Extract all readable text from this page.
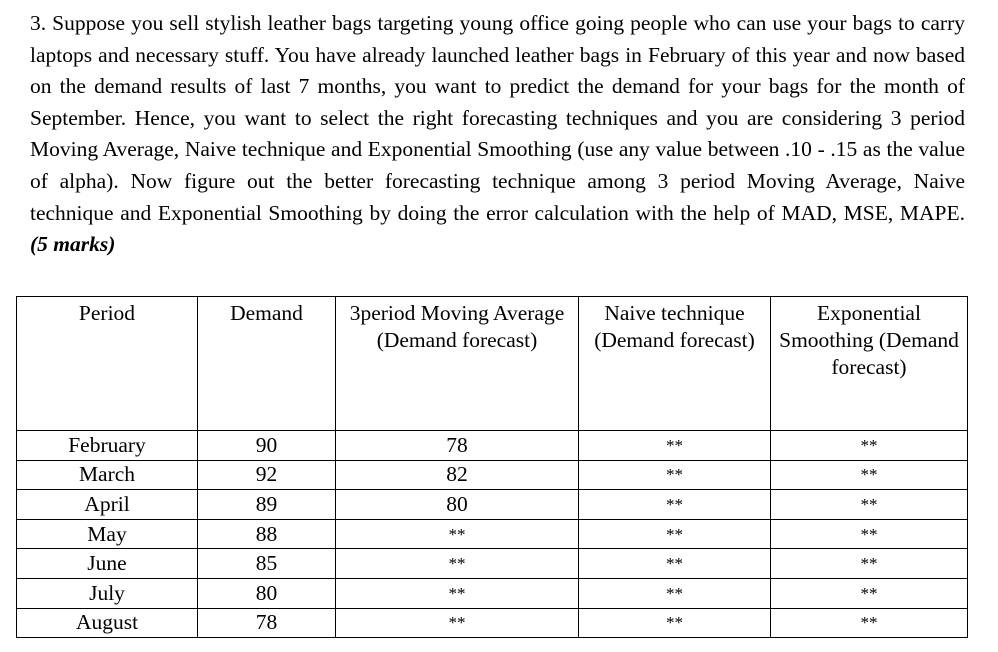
3. Suppose you sell stylish leather bags targeting young office going people who can use your bags to carry laptops and necessary stuff. You have already launched leather bags in February of this year and now based on the demand results of last 7 months, you want to predict the demand for your bags for the month of September. Hence, you want to select the right forecasting techniques and you are considering 3 period Moving Average, Naive technique and Exponential Smoothing (use any value between .10 - .15 as the value of alpha). Now figure out the better forecasting technique among 3 period Moving Average, Naive technique and Exponential Smoothing by doing the error calculation with the help of MAD, MSE, MAPE. (5 marks)

Period	Demand	3period Moving Average (Demand forecast)	Naive technique (Demand forecast)	Exponential Smoothing (Demand forecast)
February	90	78	**	**
March	92	82	**	**
April	89	80	**	**
May	88	**	**	**
June	85	**	**	**
July	80	**	**	**
August	78	**	**	**
